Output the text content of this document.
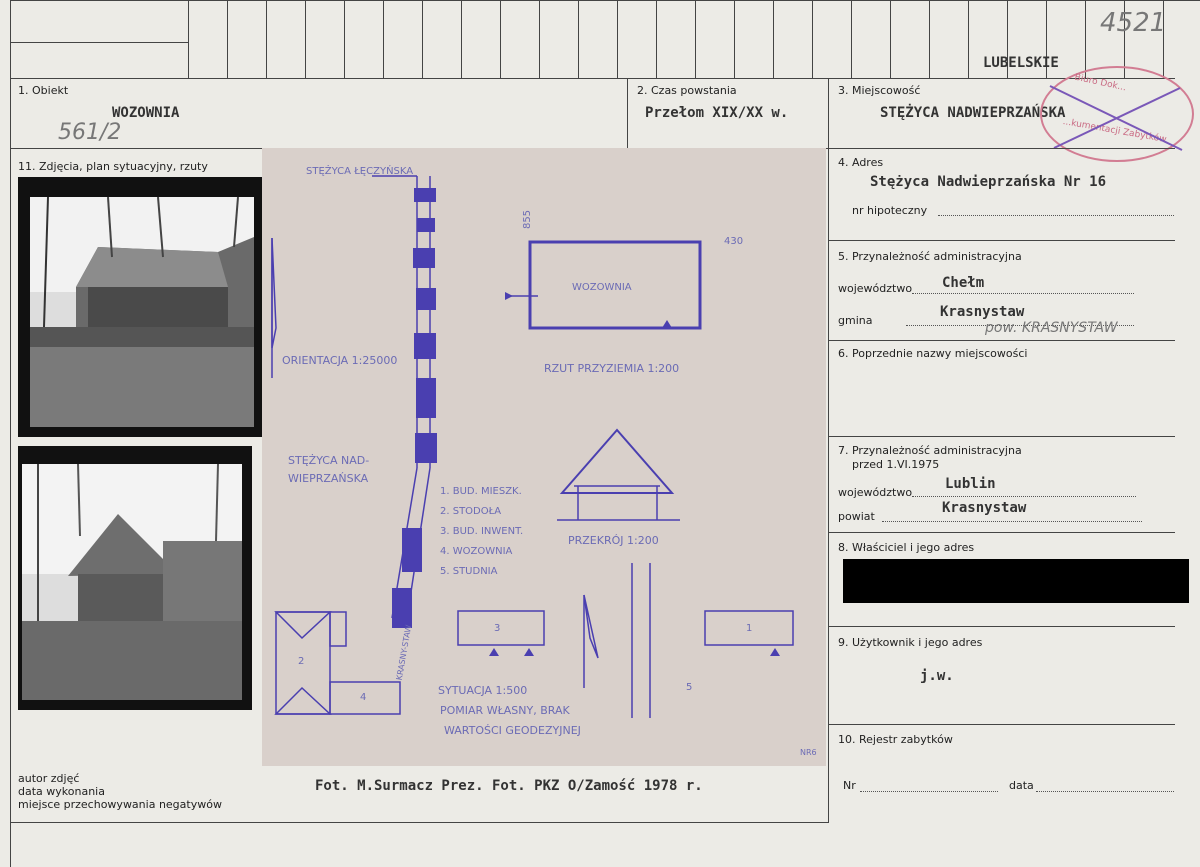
LUBELSKIE
4521
1. Obiekt
WOZOWNIA
561/2
2. Czas powstania
Przełom XIX/XX w.
3. Miejscowość
STĘŻYCA NADWIEPRZAŃSKA
Biuro Dok...
...kumentacji Zabytków
11. Zdjęcia, plan sytuacyjny, rzuty	STĘŻYCA ŁĘCZYŃSKA
ORIENTACJA 1:25000
STĘŻYCA NAD-
WIEPRZAŃSKA
WOZOWNIA
430
855
RZUT PRZYZIEMIA 1:200
PRZEKRÓJ 1:200
1. BUD. MIESZK.
2. STODOŁA
3. BUD. INWENT.
4. WOZOWNIA
5. STUDNIA
3	1
2
4
5
KRASNY-STAW
SYTUACJA 1:500
POMIAR WŁASNY, BRAK
WARTOŚCI GEODEZYJNEJ
NR6
4. Adres
Stężyca Nadwieprzańska Nr 16
nr hipoteczny
5. Przynależność administracyjna
województwo Chełm
gmina
Krasnystaw
pow. KRASNYSTAW
6. Poprzednie nazwy miejscowości
7. Przynależność administracyjna
przed 1.VI.1975
województwo
Lublin
powiat
Krasnystaw
8. Właściciel i jego adres
9. Użytkownik i jego adres
j.w.
10. Rejestr zabytków
Nr	data
autor zdjęć
data wykonania
miejsce przechowywania negatywów
Fot. M.Surmacz Prez. Fot. PKZ O/Zamość 1978 r.
